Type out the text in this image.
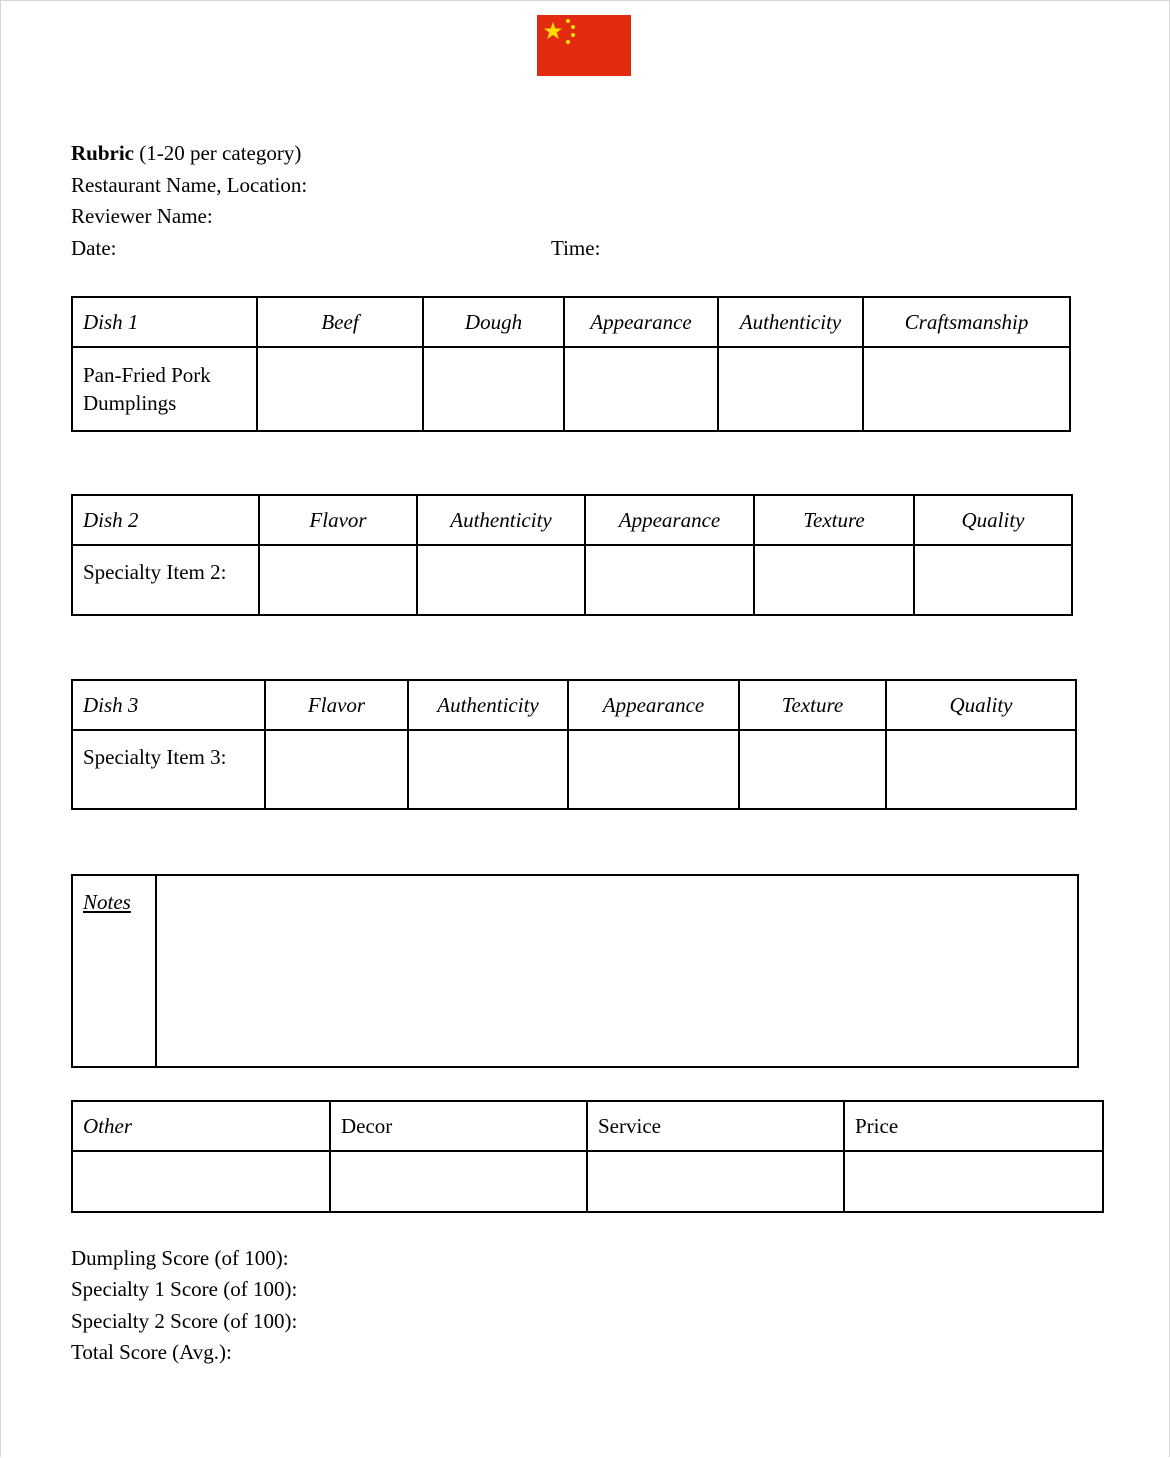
Rubric (1-20 per category)
Restaurant Name, Location:
Reviewer Name:
Date:	Time:
Dish 1	Beef	Dough	Appearance	Authenticity	Craftsmanship
Pan-Fried Pork Dumplings					
Dish 2	Flavor	Authenticity	Appearance	Texture	Quality
Specialty Item 2:					
Dish 3	Flavor	Authenticity	Appearance	Texture	Quality
Specialty Item 3:					
Notes	
Other	Decor	Service	Price

Dumpling Score (of 100):
Specialty 1 Score (of 100):
Specialty 2 Score (of 100):
Total Score (Avg.):
